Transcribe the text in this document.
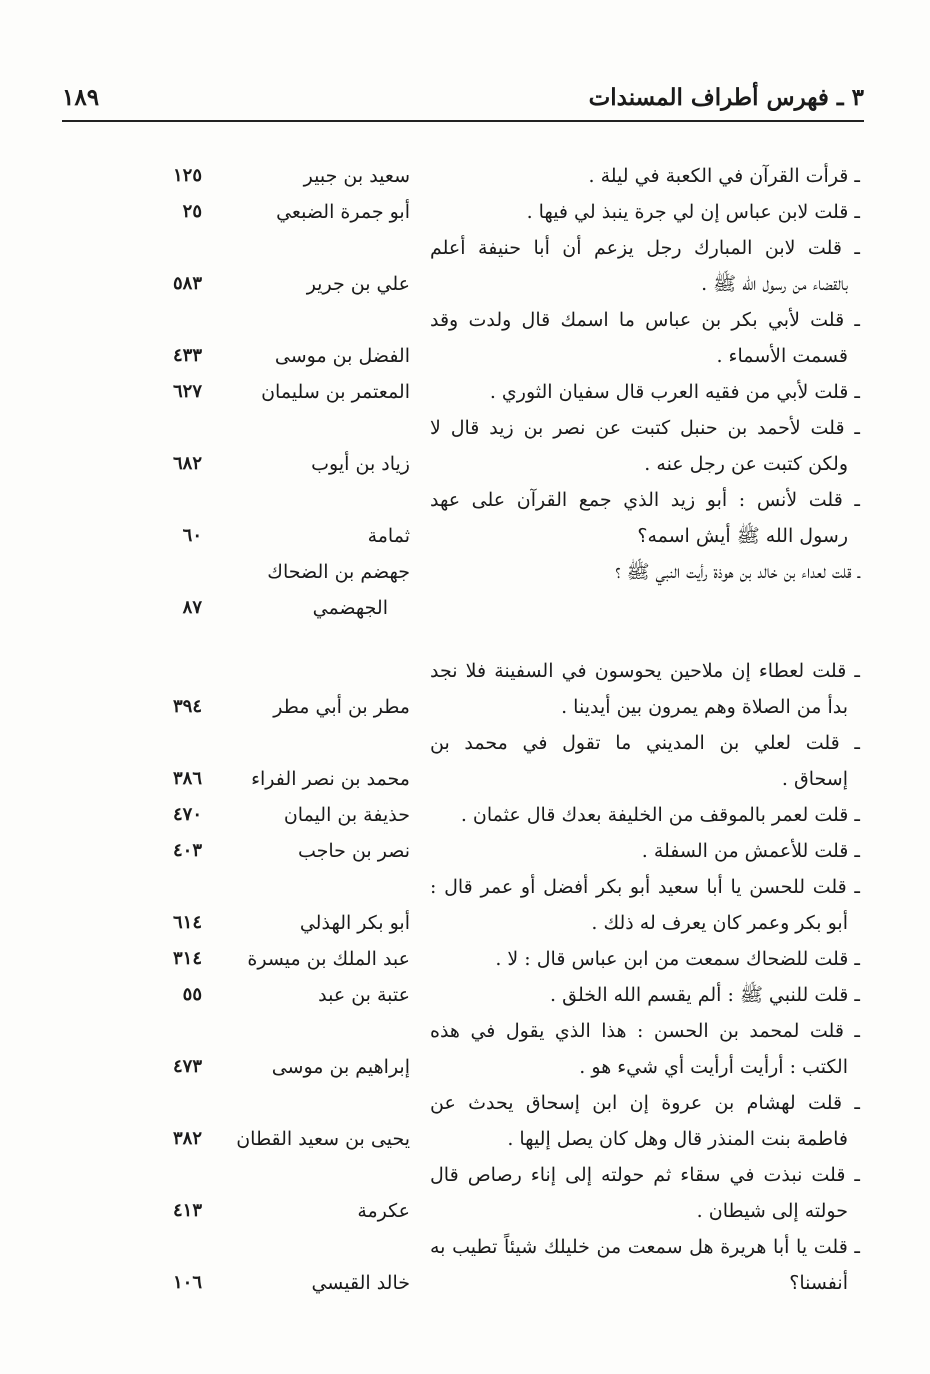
٣ ـ فهرس أطراف المسندات
١٨٩
ـ قرأت القرآن في الكعبة في ليلة .
سعيد بن جبير
١٢٥
ـ قلت لابن عباس إن لي جرة ينبذ لي فيها .
أبو جمرة الضبعي
٢٥
ـ قلت لابن المبارك رجل يزعم أن أبا حنيفة أعلم
بالقضاء من رسول الله ﷺ .
علي بن جرير
٥٨٣
ـ قلت لأبي بكر بن عباس ما اسمك قال ولدت وقد
قسمت الأسماء .
الفضل بن موسى
٤٣٣
ـ قلت لأبي من فقيه العرب قال سفيان الثوري .
المعتمر بن سليمان
٦٢٧
ـ قلت لأحمد بن حنبل كتبت عن نصر بن زيد قال لا
ولكن كتبت عن رجل عنه .
زياد بن أيوب
٦٨٢
ـ قلت لأنس : أبو زيد الذي جمع القرآن على عهد
رسول الله ﷺ أيش اسمه؟
ثمامة
٦٠
ـ قلت لعداء بن خالد بن هوذة رأيت النبي ﷺ ؟
جهضم بن الضحاك
الجهضمي
٨٧
ـ قلت لعطاء إن ملاحين يحوسون في السفينة فلا نجد
بدأ من الصلاة وهم يمرون بين أيدينا .
مطر بن أبي مطر
٣٩٤
ـ قلت لعلي بن المديني ما تقول في محمد بن
إسحاق .
محمد بن نصر الفراء
٣٨٦
ـ قلت لعمر بالموقف من الخليفة بعدك قال عثمان .
حذيفة بن اليمان
٤٧٠
ـ قلت للأعمش من السفلة .
نصر بن حاجب
٤٠٣
ـ قلت للحسن يا أبا سعيد أبو بكر أفضل أو عمر قال :
أبو بكر وعمر كان يعرف له ذلك .
أبو بكر الهذلي
٦١٤
ـ قلت للضحاك سمعت من ابن عباس قال : لا .
عبد الملك بن ميسرة
٣١٤
ـ قلت للنبي ﷺ : ألم يقسم الله الخلق .
عتبة بن عبد
٥٥
ـ قلت لمحمد بن الحسن : هذا الذي يقول في هذه
الكتب : أرأيت أرأيت أي شيء هو .
إبراهيم بن موسى
٤٧٣
ـ قلت لهشام بن عروة إن ابن إسحاق يحدث عن
فاطمة بنت المنذر قال وهل كان يصل إليها .
يحيى بن سعيد القطان
٣٨٢
ـ قلت نبذت في سقاء ثم حولته إلى إناء رصاص قال
حولته إلى شيطان .
عكرمة
٤١٣
ـ قلت يا أبا هريرة هل سمعت من خليلك شيئاً تطيب به
أنفسنا؟
خالد القيسي
١٠٦
